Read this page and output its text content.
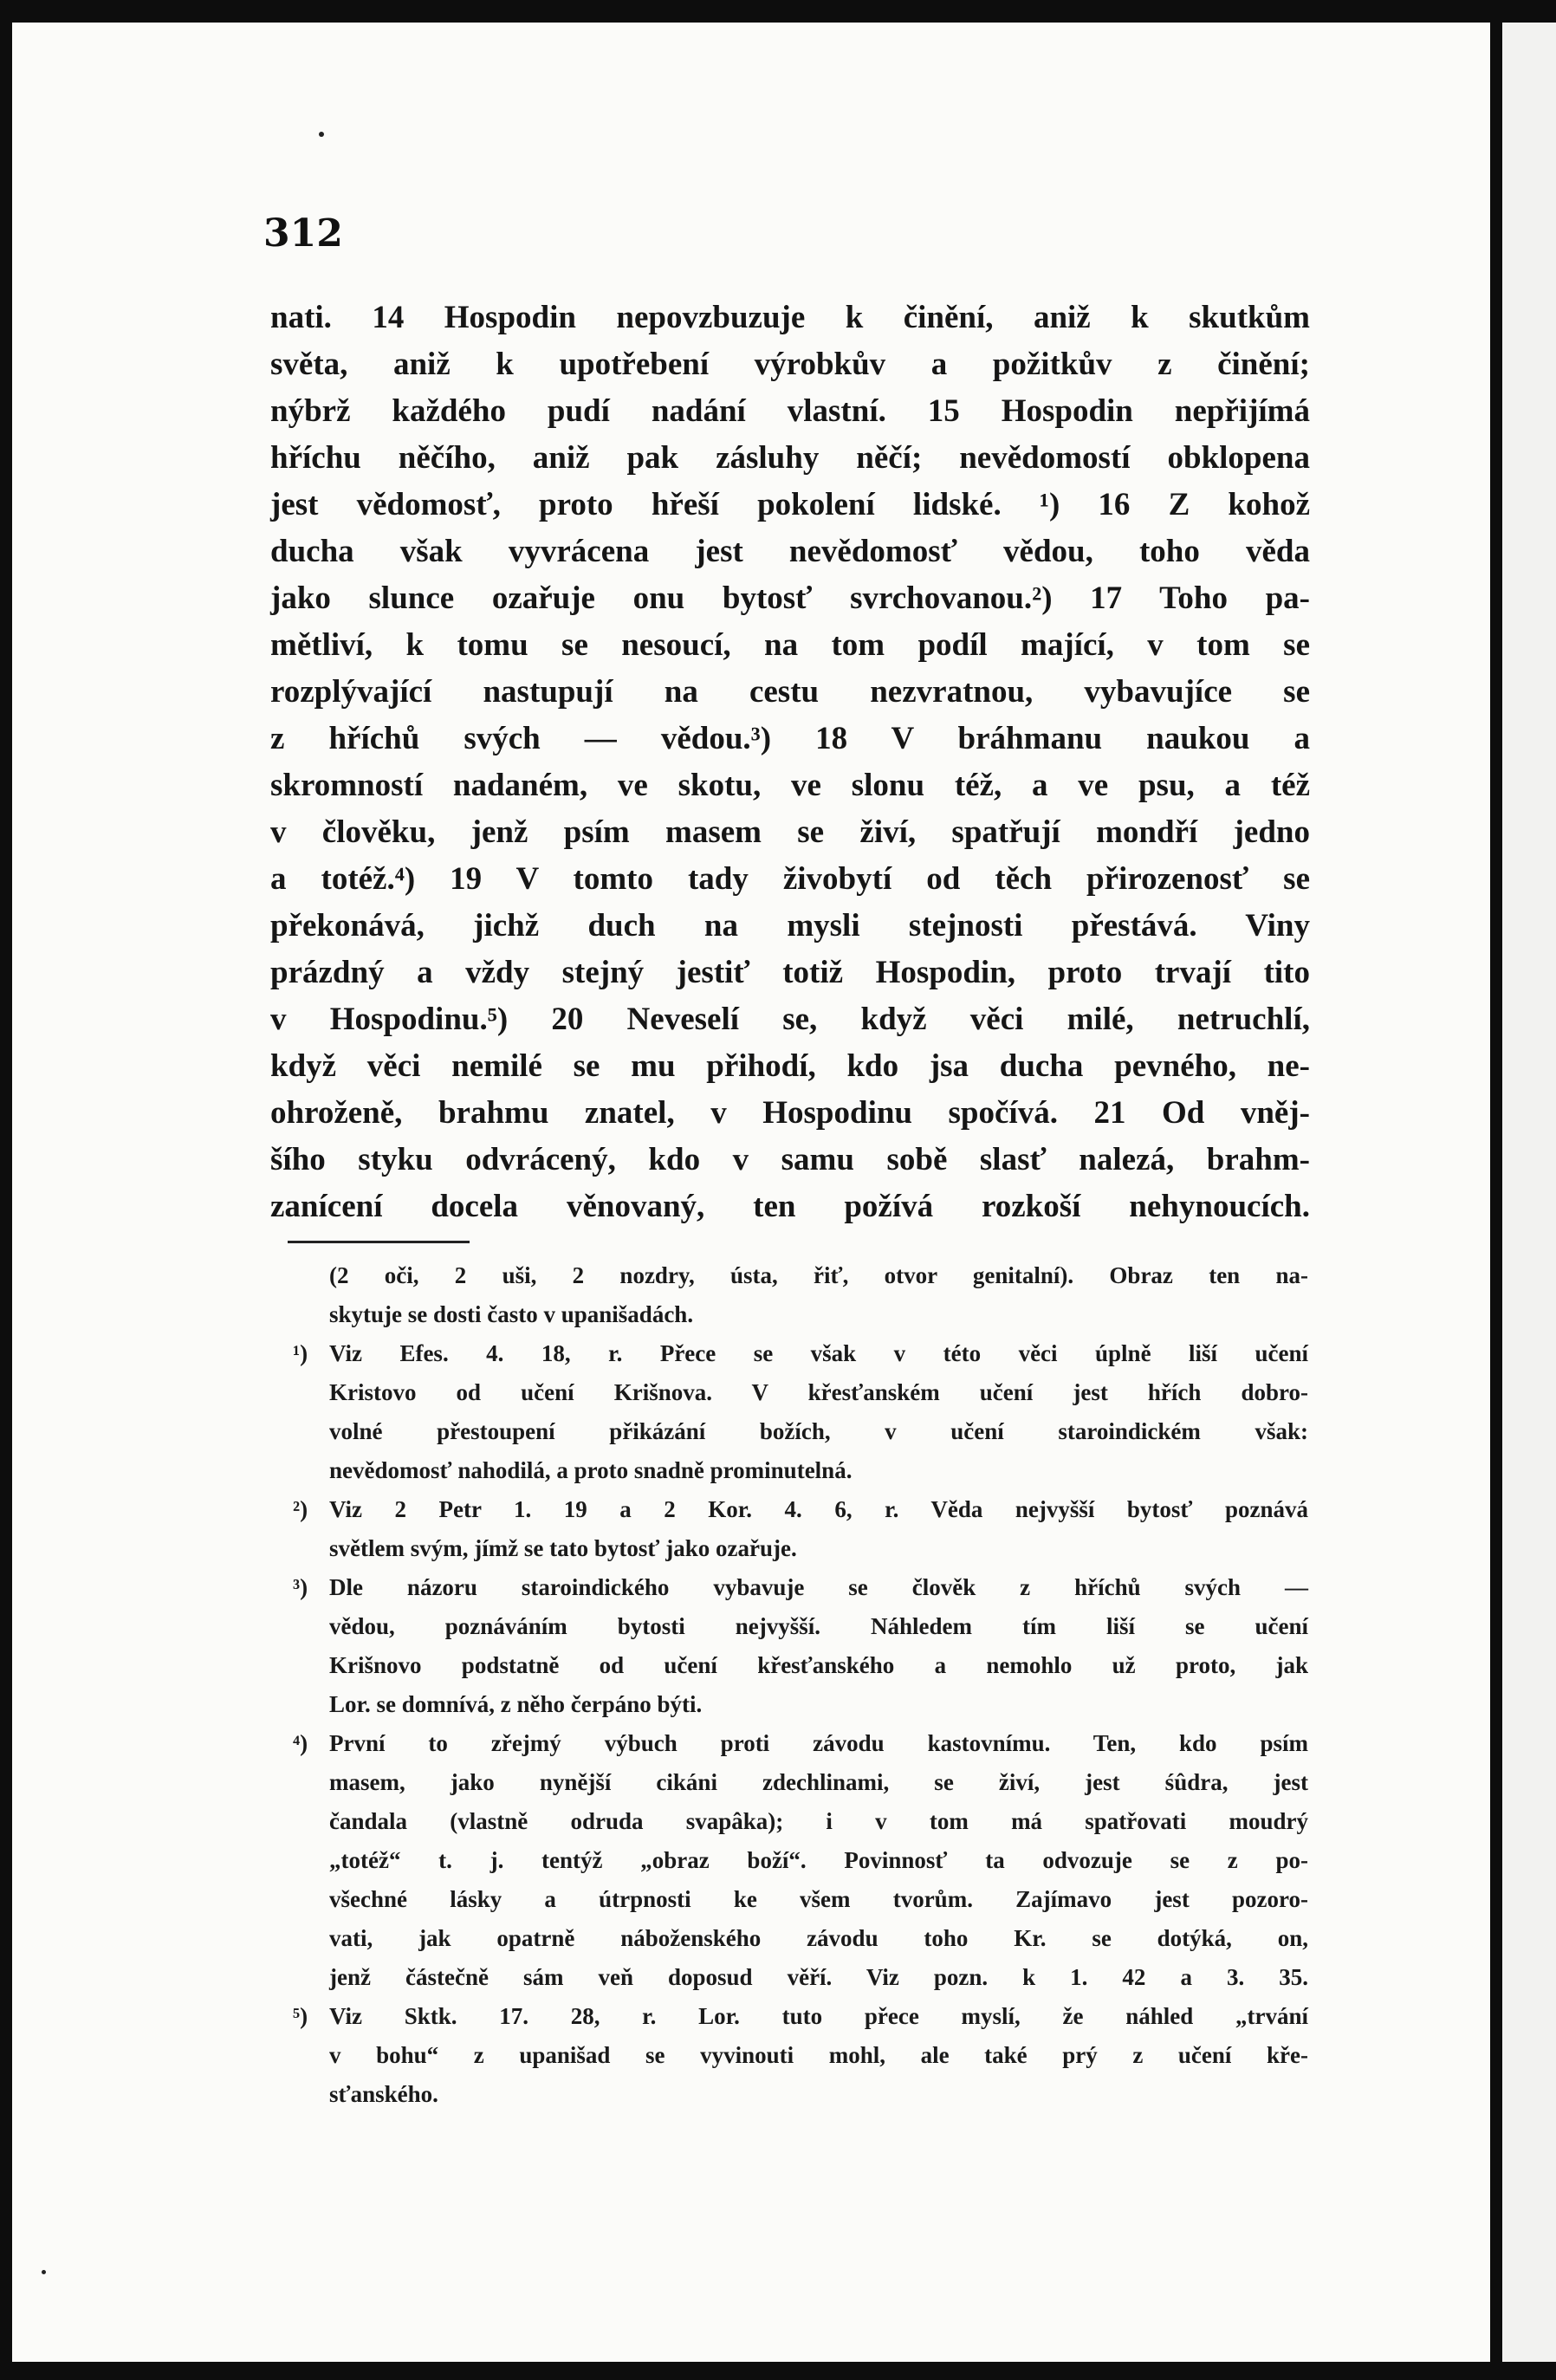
312
nati. 14 Hospodin nepovzbuzuje k činění, aniž k skutkům
světa, aniž k upotřebení výrobkův a požitkův z činění;
nýbrž každého pudí nadání vlastní. 15 Hospodin nepřijímá
hříchu něčího, aniž pak zásluhy něčí; nevědomostí obklopena
jest vědomosť, proto hřeší pokolení lidské. ¹) 16 Z kohož
ducha však vyvrácena jest nevědomosť vědou, toho věda
jako slunce ozařuje onu bytosť svrchovanou.²) 17 Toho pa-
mětliví, k tomu se nesoucí, na tom podíl mající, v tom se
rozplývající nastupují na cestu nezvratnou, vybavujíce se
z hříchů svých — vědou.³) 18 V bráhmanu naukou a
skromností nadaném, ve skotu, ve slonu též, a ve psu, a též
v člověku, jenž psím masem se živí, spatřují mondří jedno
a totéž.⁴) 19 V tomto tady živobytí od těch přirozenosť se
překonává, jichž duch na mysli stejnosti přestává. Viny
prázdný a vždy stejný jestiť totiž Hospodin, proto trvají tito
v Hospodinu.⁵) 20 Neveselí se, když věci milé, netruchlí,
když věci nemilé se mu přihodí, kdo jsa ducha pevného, ne-
ohroženě, brahmu znatel, v Hospodinu spočívá. 21 Od vněj-
šího styku odvrácený, kdo v samu sobě slasť nalezá, brahm-
zanícení docela věnovaný, ten požívá rozkoší nehynoucích.
(2 oči, 2 uši, 2 nozdry, ústa, řiť, otvor genitalní). Obraz ten na-
skytuje se dosti často v upanišadách.
¹) Viz Efes. 4. 18, r. Přece se však v této věci úplně liší učení
Kristovo od učení Krišnova. V křesťanském učení jest hřích dobro-
volné přestoupení přikázání božích, v učení staroindickém však:
nevědomosť nahodilá, a proto snadně prominutelná.
²) Viz 2 Petr 1. 19 a 2 Kor. 4. 6, r. Věda nejvyšší bytosť poznává
světlem svým, jímž se tato bytosť jako ozařuje.
³) Dle názoru staroindického vybavuje se člověk z hříchů svých —
vědou, poznáváním bytosti nejvyšší. Náhledem tím liší se učení
Krišnovo podstatně od učení křesťanského a nemohlo už proto, jak
Lor. se domnívá, z něho čerpáno býti.
⁴) První to zřejmý výbuch proti závodu kastovnímu. Ten, kdo psím
masem, jako nynější cikáni zdechlinami, se živí, jest śûdra, jest
čandala (vlastně odruda svapâka); i v tom má spatřovati moudrý
„totéž“ t. j. tentýž „obraz boží“. Povinnosť ta odvozuje se z po-
všechné lásky a útrpnosti ke všem tvorům. Zajímavo jest pozoro-
vati, jak opatrně náboženského závodu toho Kr. se dotýká, on,
jenž částečně sám veň doposud věří. Viz pozn. k 1. 42 a 3. 35.
⁵) Viz Sktk. 17. 28, r. Lor. tuto přece myslí, že náhled „trvání
v bohu“ z upanišad se vyvinouti mohl, ale také prý z učení kře-
sťanského.
